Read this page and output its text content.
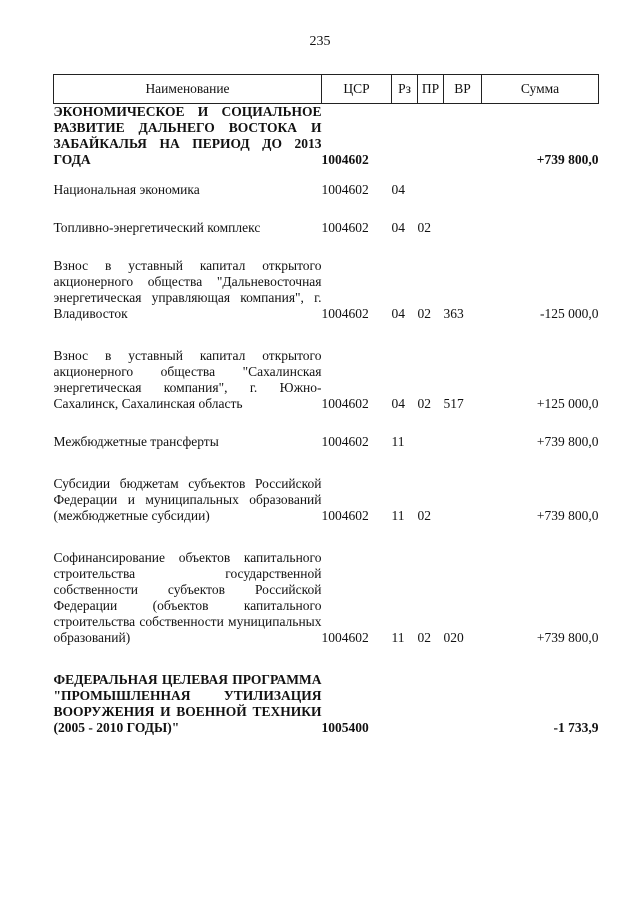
235
Наименование	ЦСР	Рз	ПР	ВР	Сумма
ЭКОНОМИЧЕСКОЕ И СОЦИАЛЬНОЕ РАЗВИТИЕ ДАЛЬНЕГО ВОСТОКА И ЗАБАЙКАЛЬЯ НА ПЕРИОД ДО 2013 ГОДА	1004602				+739 800,0

Национальная экономика	1004602	04			

Топливно-энергетический комплекс	1004602	04	02		

Взнос в уставный капитал открытого акционерного общества "Дальневосточная энергетическая управляющая компания", г. Владивосток	1004602	04	02	363	-125 000,0

Взнос в уставный капитал открытого акционерного общества "Сахалинская энергетическая компания", г. Южно-Сахалинск, Сахалинская область	1004602	04	02	517	+125 000,0

Межбюджетные трансферты	1004602	11			+739 800,0

Субсидии бюджетам субъектов Российской Федерации и муниципальных образований (межбюджетные субсидии)	1004602	11	02		+739 800,0

Софинансирование объектов капитального строительства государственной собственности субъектов Российской Федерации (объектов капитального строительства собственности муниципальных образований)	1004602	11	02	020	+739 800,0

ФЕДЕРАЛЬНАЯ ЦЕЛЕВАЯ ПРОГРАММА "ПРОМЫШЛЕННАЯ УТИЛИЗАЦИЯ ВООРУЖЕНИЯ И ВОЕННОЙ ТЕХНИКИ (2005 - 2010 ГОДЫ)"	1005400				-1 733,9
